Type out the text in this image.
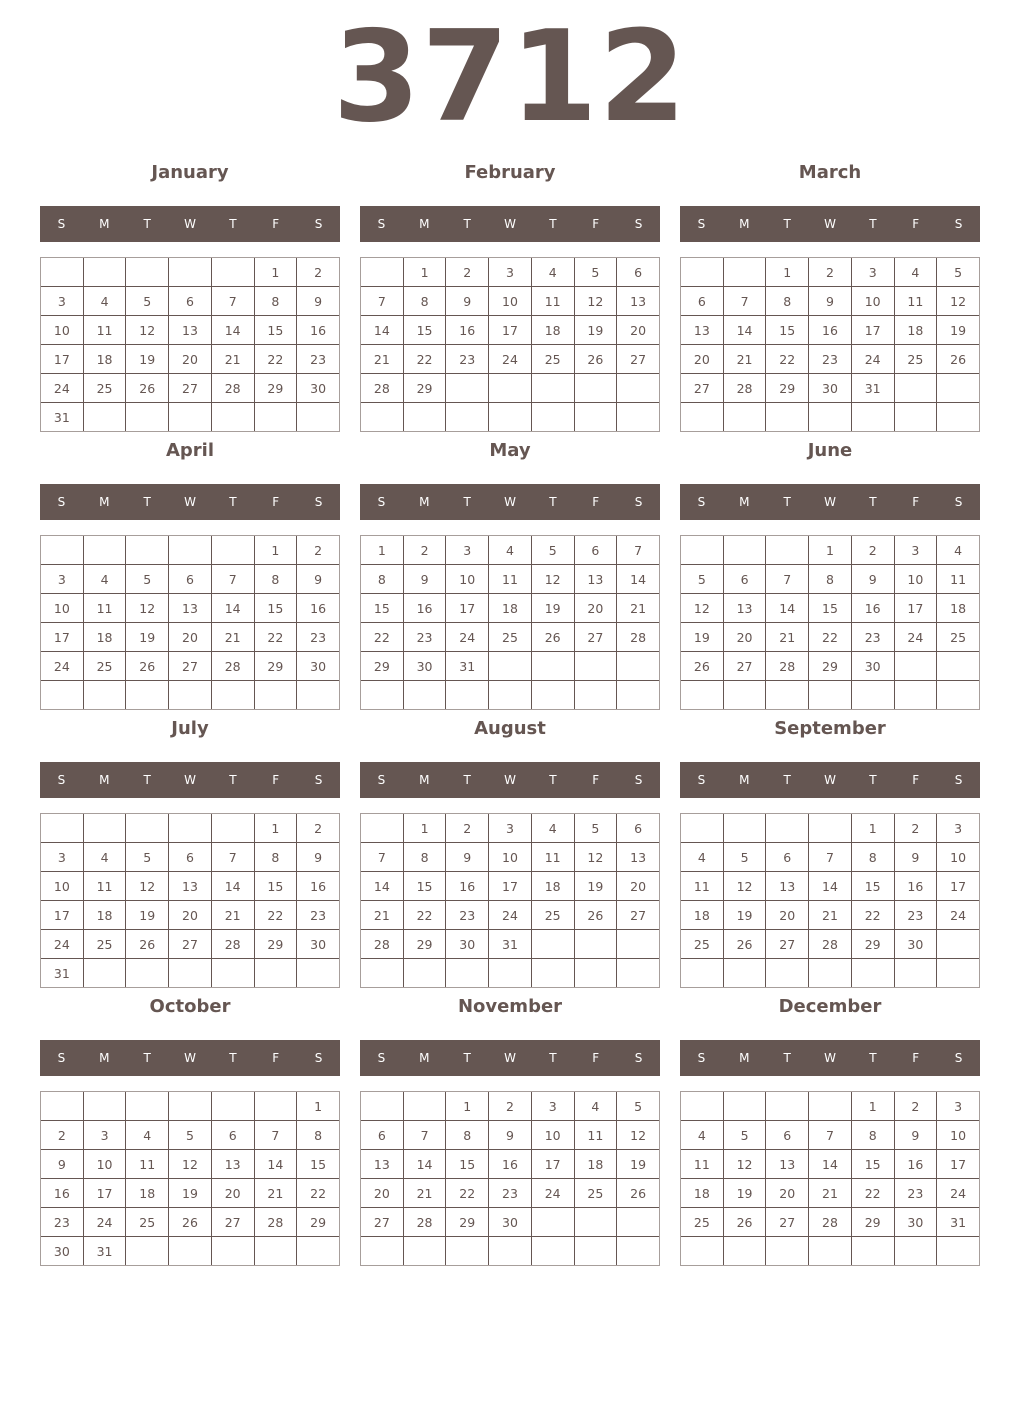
3712
January
S	M	T	W	T	F	S
					1	2
3	4	5	6	7	8	9
10	11	12	13	14	15	16
17	18	19	20	21	22	23
24	25	26	27	28	29	30
31						
February
S	M	T	W	T	F	S
	1	2	3	4	5	6
7	8	9	10	11	12	13
14	15	16	17	18	19	20
21	22	23	24	25	26	27
28	29					

March
S	M	T	W	T	F	S
		1	2	3	4	5
6	7	8	9	10	11	12
13	14	15	16	17	18	19
20	21	22	23	24	25	26
27	28	29	30	31		

April
S	M	T	W	T	F	S
					1	2
3	4	5	6	7	8	9
10	11	12	13	14	15	16
17	18	19	20	21	22	23
24	25	26	27	28	29	30

May
S	M	T	W	T	F	S
1	2	3	4	5	6	7
8	9	10	11	12	13	14
15	16	17	18	19	20	21
22	23	24	25	26	27	28
29	30	31				

June
S	M	T	W	T	F	S
			1	2	3	4
5	6	7	8	9	10	11
12	13	14	15	16	17	18
19	20	21	22	23	24	25
26	27	28	29	30		

July
S	M	T	W	T	F	S
					1	2
3	4	5	6	7	8	9
10	11	12	13	14	15	16
17	18	19	20	21	22	23
24	25	26	27	28	29	30
31						
August
S	M	T	W	T	F	S
	1	2	3	4	5	6
7	8	9	10	11	12	13
14	15	16	17	18	19	20
21	22	23	24	25	26	27
28	29	30	31			

September
S	M	T	W	T	F	S
				1	2	3
4	5	6	7	8	9	10
11	12	13	14	15	16	17
18	19	20	21	22	23	24
25	26	27	28	29	30	

October
S	M	T	W	T	F	S
						1
2	3	4	5	6	7	8
9	10	11	12	13	14	15
16	17	18	19	20	21	22
23	24	25	26	27	28	29
30	31					
November
S	M	T	W	T	F	S
		1	2	3	4	5
6	7	8	9	10	11	12
13	14	15	16	17	18	19
20	21	22	23	24	25	26
27	28	29	30			

December
S	M	T	W	T	F	S
				1	2	3
4	5	6	7	8	9	10
11	12	13	14	15	16	17
18	19	20	21	22	23	24
25	26	27	28	29	30	31
